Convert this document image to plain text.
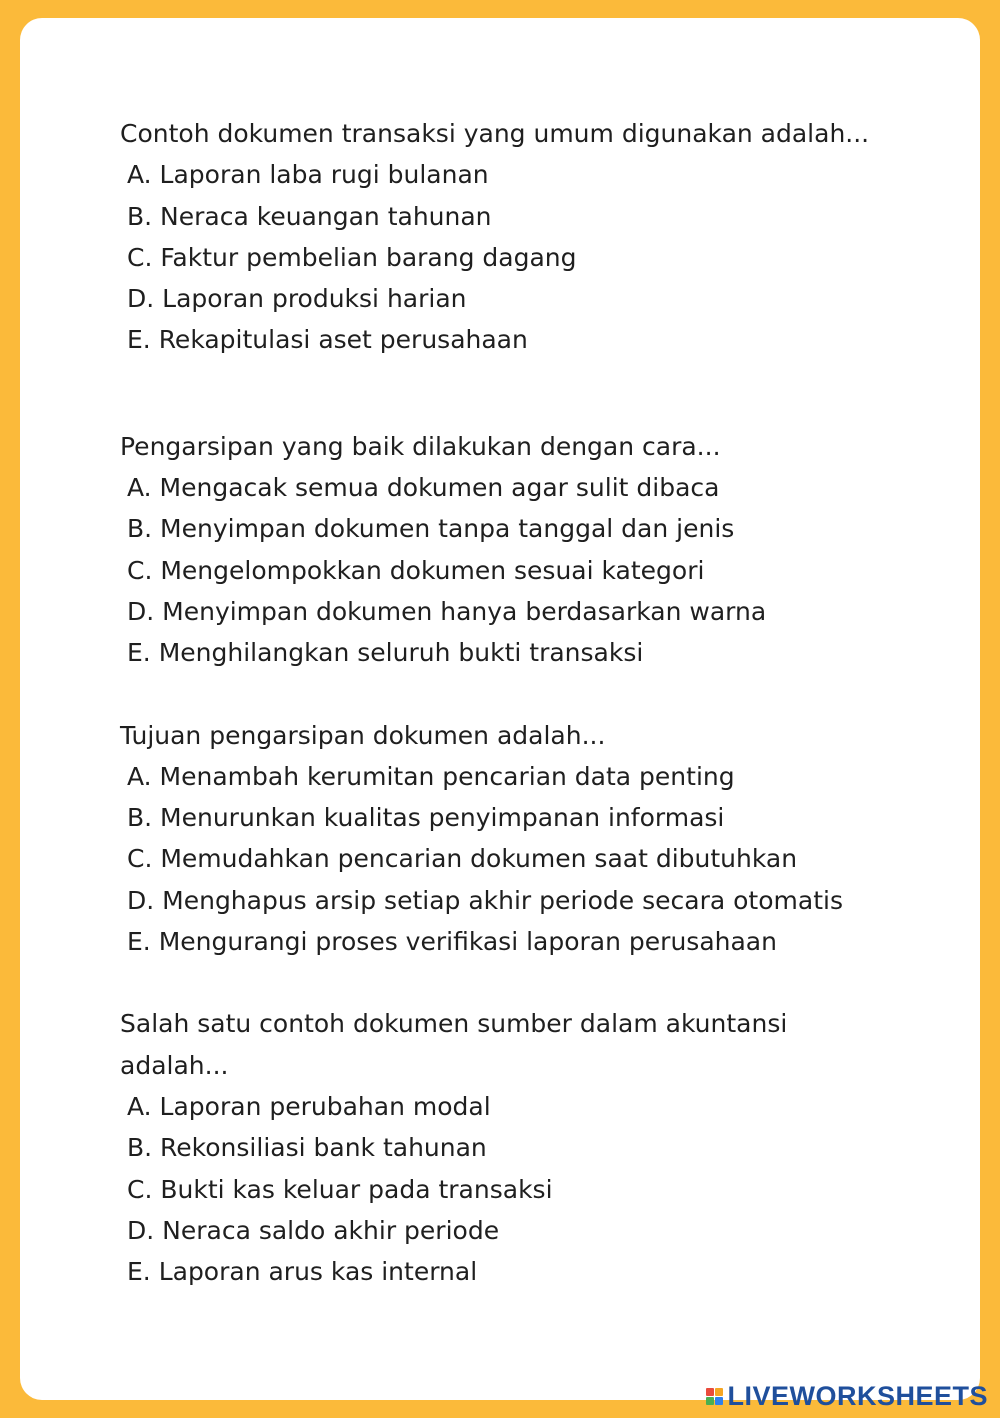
Contoh dokumen transaksi yang umum digunakan adalah...

A. Laporan laba rugi bulanan
B. Neraca keuangan tahunan
C. Faktur pembelian barang dagang
D. Laporan produksi harian
E. Rekapitulasi aset perusahaan

Pengarsipan yang baik dilakukan dengan cara...

A. Mengacak semua dokumen agar sulit dibaca
B. Menyimpan dokumen tanpa tanggal dan jenis
C. Mengelompokkan dokumen sesuai kategori
D. Menyimpan dokumen hanya berdasarkan warna
E. Menghilangkan seluruh bukti transaksi

Tujuan pengarsipan dokumen adalah...

A. Menambah kerumitan pencarian data penting
B. Menurunkan kualitas penyimpanan informasi
C. Memudahkan pencarian dokumen saat dibutuhkan
D. Menghapus arsip setiap akhir periode secara otomatis
E. Mengurangi proses verifikasi laporan perusahaan

Salah satu contoh dokumen sumber dalam akuntansi adalah...

A. Laporan perubahan modal
B. Rekonsiliasi bank tahunan
C. Bukti kas keluar pada transaksi
D. Neraca saldo akhir periode
E. Laporan arus kas internal
LIVEWORKSHEETS
